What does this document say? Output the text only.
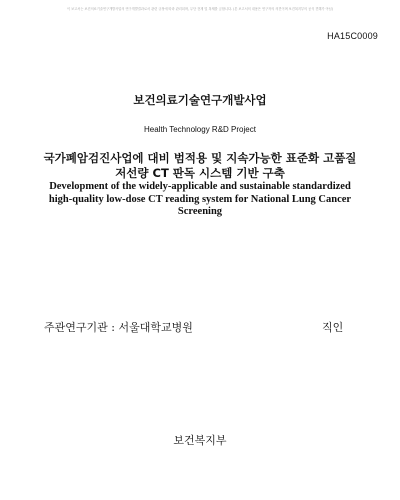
이 보고서는 보건의료기술연구개발사업의 연구개발결과로서 관련 규정에 따라 관리되며, 무단 전재 및 복제를 금합니다. (본 보고서의 내용은 연구자의 의견이며 보건복지부의 공식 견해가 아님)
HA15C0009
보건의료기술연구개발사업
Health Technology R&D Project
국가폐암검진사업에 대비 범적용 및 지속가능한 표준화 고품질
저선량 CT 판독 시스템 기반 구축
Development of the widely-applicable and sustainable standardized
high-quality low-dose CT reading system for National Lung Cancer
Screening
주관연구기관 : 서울대학교병원	직인
보건복지부
